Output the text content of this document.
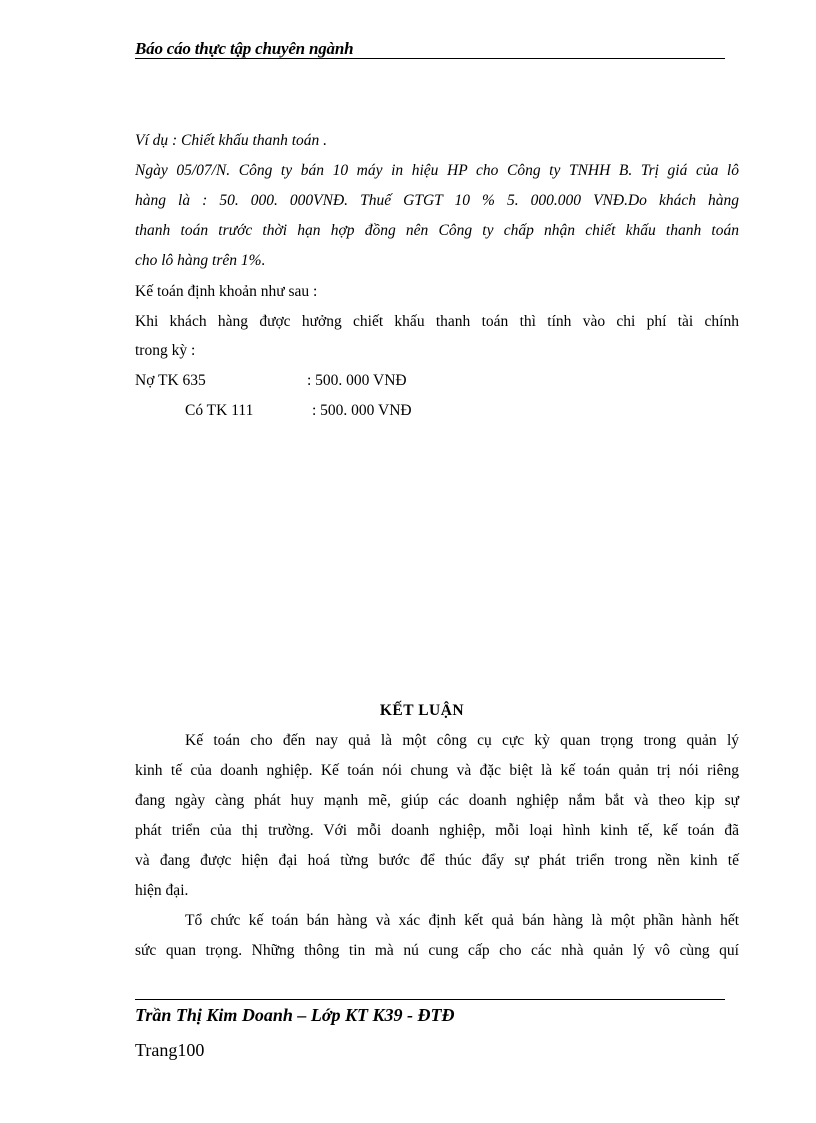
Báo cáo thực tập chuyên ngành
Ví dụ : Chiết khấu thanh toán .
Ngày 05/07/N. Công ty bán 10 máy in hiệu HP cho Công ty TNHH B. Trị giá của lô
hàng là : 50. 000. 000VNĐ. Thuế GTGT 10 % 5. 000.000 VNĐ.Do khách hàng
thanh toán trước thời hạn hợp đồng nên Công ty chấp nhận chiết khấu thanh toán
cho lô hàng trên 1%.
Kế toán định khoản như sau :
Khi khách hàng được hưởng chiết khấu thanh toán thì tính vào chi phí tài chính
trong kỳ :
Nợ TK 635	: 500. 000 VNĐ
Có TK 111	: 500. 000 VNĐ
KẾT LUẬN
Kế toán cho đến nay quả là một công cụ cực kỳ quan trọng trong quản lý
kinh tế của doanh nghiệp. Kế toán nói chung và đặc biệt là kế toán quản trị nói riêng
đang ngày càng phát huy mạnh mẽ, giúp các doanh nghiệp nắm bắt và theo kịp sự
phát triển của thị trường. Với mỗi doanh nghiệp, mỗi loại hình kinh tế, kế toán đã
và đang được hiện đại hoá từng bước để thúc đẩy sự phát triển trong nền kinh tế
hiện đại.
Tổ chức kế toán bán hàng và xác định kết quả bán hàng là một phần hành hết
sức quan trọng. Những thông tin mà nú cung cấp cho các nhà quản lý vô cùng quí
Trần Thị Kim Doanh – Lớp KT K39 - ĐTĐ
Trang100
